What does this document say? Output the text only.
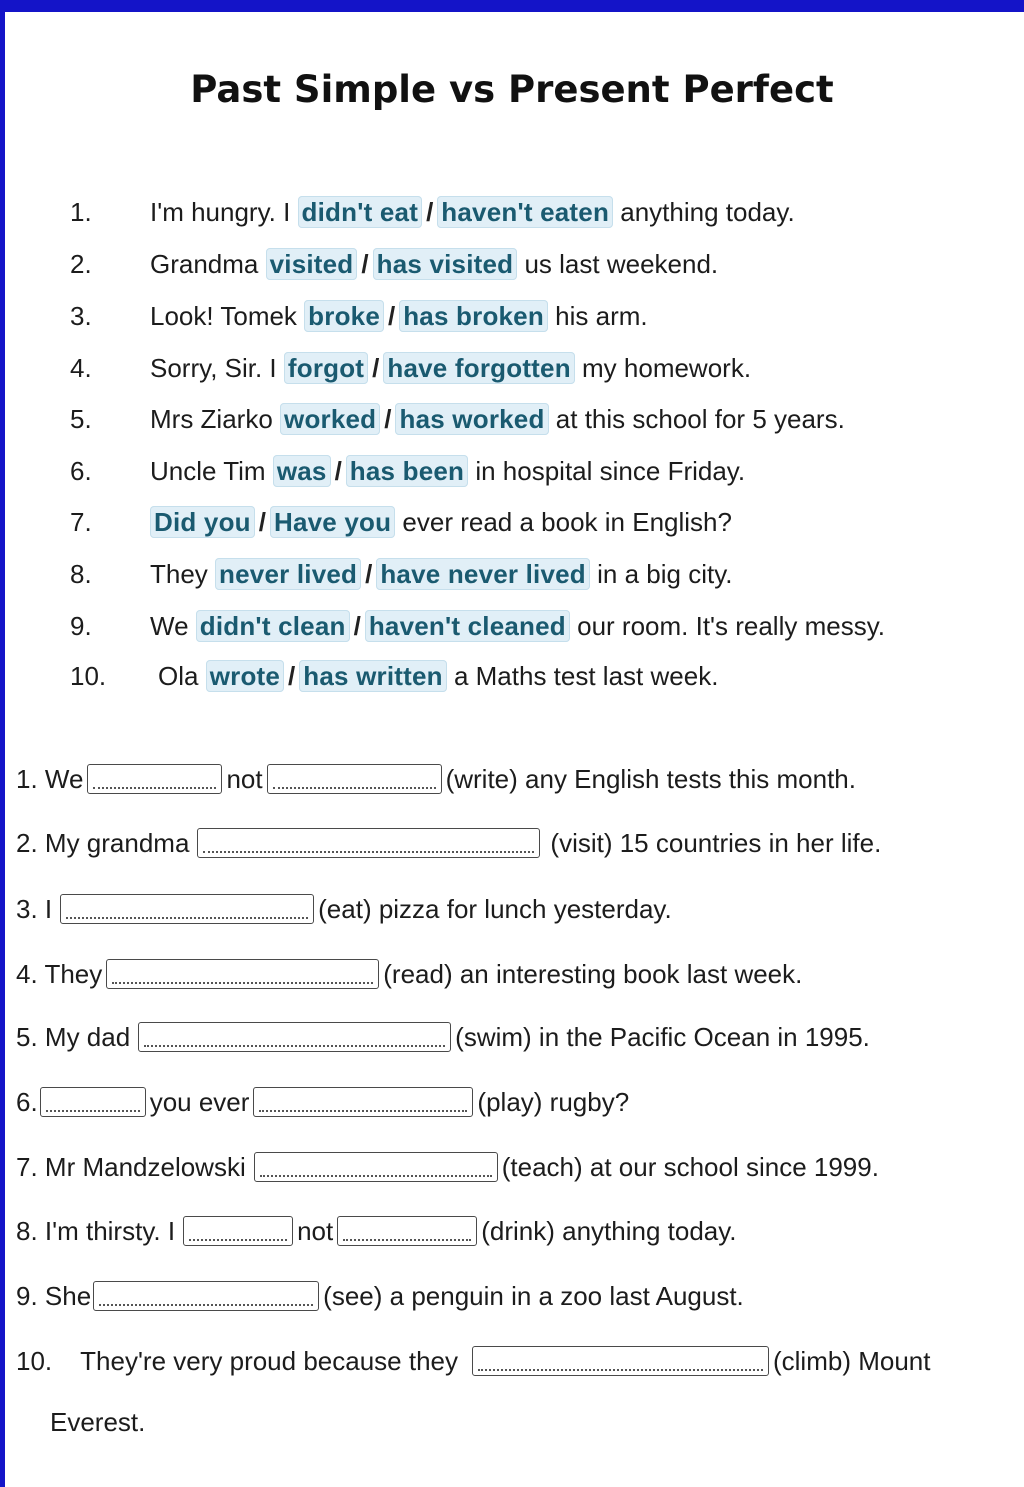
Past Simple vs Present Perfect
1. I'm hungry. I didn't eat / haven't eaten anything today.
2. Grandma visited / has visited us last weekend.
3. Look! Tomek broke / has broken his arm.
4. Sorry, Sir. I forgot / have forgotten my homework.
5. Mrs Ziarko worked / has worked at this school for 5 years.
6. Uncle Tim was / has been in hospital since Friday.
7. Did you / Have you ever read a book in English?
8. They never lived / have never lived in a big city.
9. We didn't clean / haven't cleaned our room. It's really messy.
10. Ola wrote / has written a Maths test last week.
1. We	not	(write) any English tests this month.
2. My grandma	(visit) 15 countries in her life.
3. I	(eat) pizza for lunch yesterday.
4. They	(read) an interesting book last week.
5. My dad	(swim) in the Pacific Ocean in 1995.
6.	you ever	(play) rugby?
7. Mr Mandzelowski	(teach) at our school since 1999.
8. I'm thirsty. I	not	(drink) anything today.
9. She	(see) a penguin in a zoo last August.
10. They're very proud because they	(climb) Mount
Everest.
